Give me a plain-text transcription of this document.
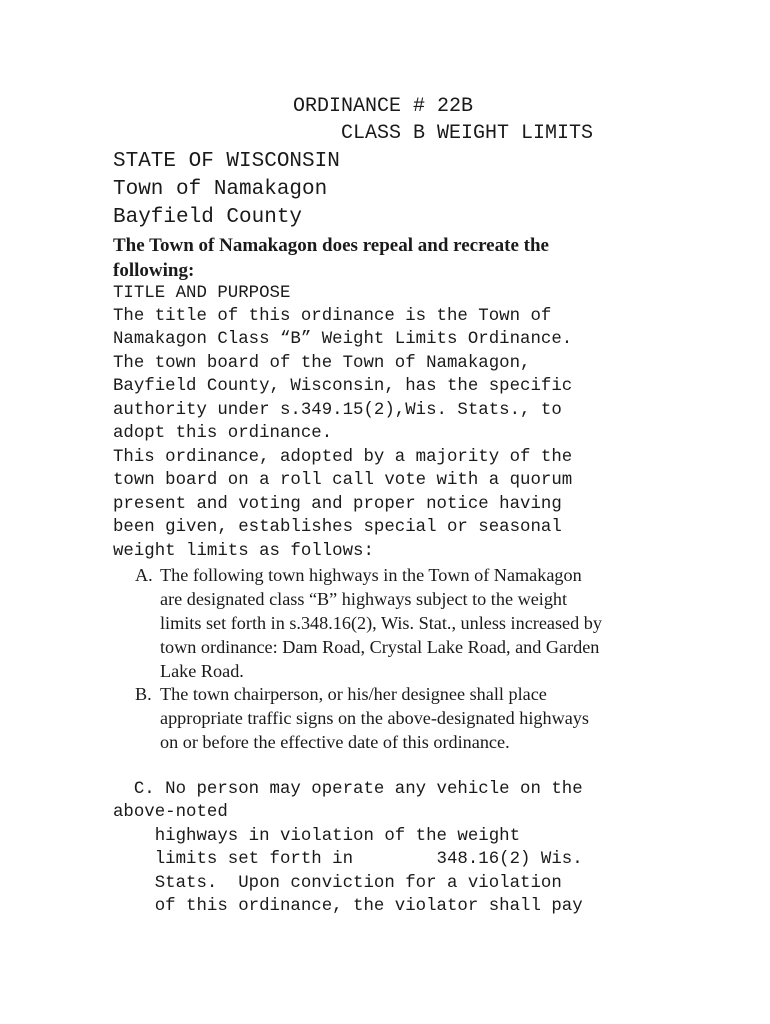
ORDINANCE # 22B

CLASS B WEIGHT LIMITS

STATE OF WISCONSIN

Town of Namakagon

Bayfield County

The Town of Namakagon does repeal and recreate the

following:

TITLE AND PURPOSE

The title of this ordinance is the Town of

Namakagon Class “B” Weight Limits Ordinance.

The town board of the Town of Namakagon,

Bayfield County, Wisconsin, has the specific

authority under s.349.15(2),Wis. Stats., to

adopt this ordinance.

This ordinance, adopted by a majority of the

town board on a roll call vote with a quorum

present and voting and proper notice having

been given, establishes special or seasonal

weight limits as follows:

A. The following town highways in the Town of Namakagon
are designated class “B” highways subject to the weight
limits set forth in s.348.16(2), Wis. Stat., unless increased by
town ordinance: Dam Road, Crystal Lake Road, and Garden
Lake Road.
B. The town chairperson, or his/her designee shall place
appropriate traffic signs on the above-designated highways
on or before the effective date of this ordinance.

C. No person may operate any vehicle on the

above-noted

highways in violation of the weight

limits set forth in        348.16(2) Wis.

Stats.  Upon conviction for a violation

of this ordinance, the violator shall pay
